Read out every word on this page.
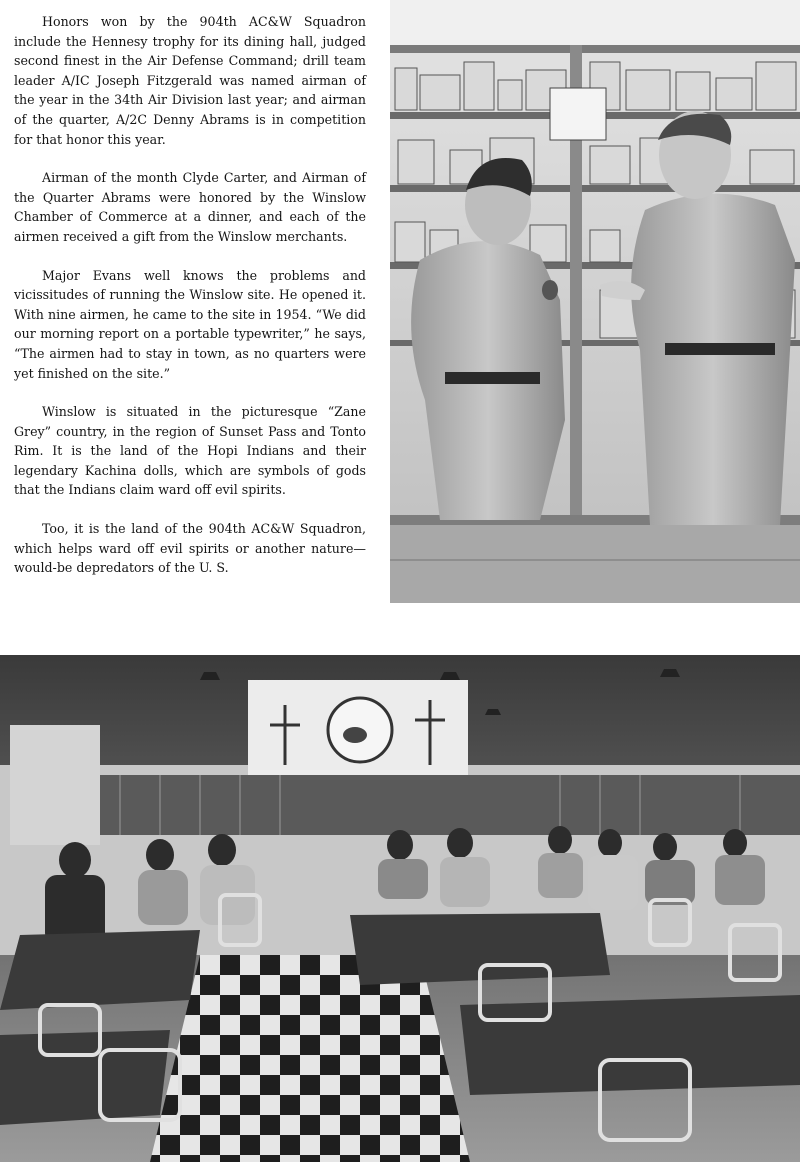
Honors won by the 904th AC&W Squadron include the Hennesy trophy for its dining hall, judged second finest in the Air Defense Command; drill team leader A/IC Joseph Fitzgerald was named airman of the year in the 34th Air Division last year; and airman of the quarter, A/2C Denny Abrams is in competition for that honor this year.

Airman of the month Clyde Carter, and Airman of the Quarter Abrams were honored by the Winslow Chamber of Commerce at a dinner, and each of the airmen received a gift from the Winslow merchants.

Major Evans well knows the problems and vicissitudes of running the Winslow site. He opened it. With nine airmen, he came to the site in 1954. “We did our morning report on a portable typewriter,” he says, “The airmen had to stay in town, as no quarters were yet finished on the site.”

Winslow is situated in the picturesque “Zane Grey” country, in the region of Sunset Pass and Tonto Rim. It is the land of the Hopi Indians and their legendary Kachina dolls, which are symbols of gods that the Indians claim ward off evil spirits.

Too, it is the land of the 904th AC&W Squadron, which helps ward off evil spirits or another nature—would-be depredators of the U. S.
